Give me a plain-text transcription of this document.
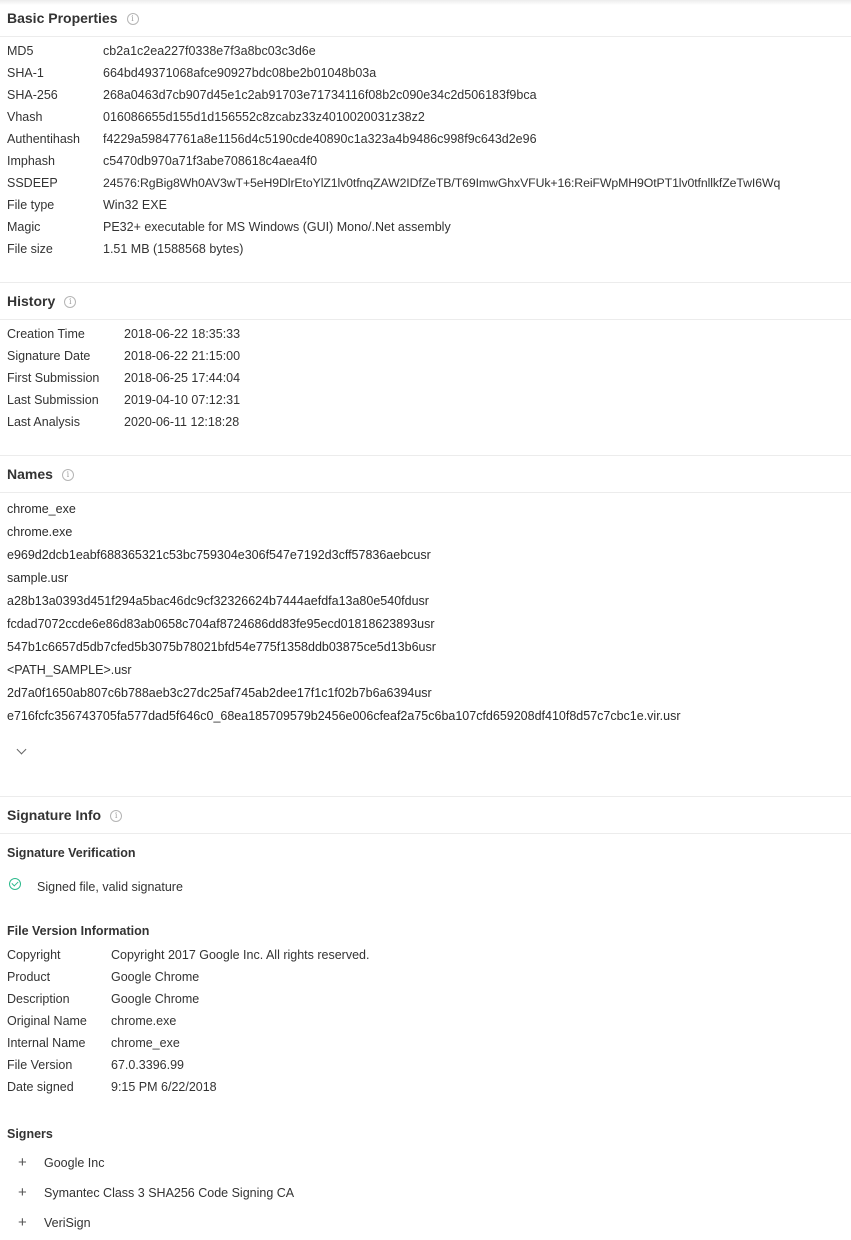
Basic Properties	i
MD5	cb2a1c2ea227f0338e7f3a8bc03c3d6e
SHA-1	664bd49371068afce90927bdc08be2b01048b03a
SHA-256	268a0463d7cb907d45e1c2ab91703e71734116f08b2c090e34c2d506183f9bca
Vhash	016086655d155d1d156552c8zcabz33z4010020031z38z2
Authentihash f4229a59847761a8e1156d4c5190cde40890c1a323a4b9486c998f9c643d2e96
Imphash	c5470db970a71f3abe708618c4aea4f0
SSDEEP	24576:RgBig8Wh0AV3wT+5eH9DlrEtoYlZ1lv0tfnqZAW2IDfZeTB/T69ImwGhxVFUk+16:ReiFWpMH9OtPT1lv0tfnllkfZeTwI6Wq
File type	Win32 EXE
Magic	PE32+ executable for MS Windows (GUI) Mono/.Net assembly
File size	1.51 MB (1588568 bytes)
History	i
Creation Time	2018-06-22 18:35:33
Signature Date	2018-06-22 21:15:00
First Submission 2018-06-25 17:44:04
Last Submission 2019-04-10 07:12:31
Last Analysis	2020-06-11 12:18:28
Names	i
chrome_exe
chrome.exe
e969d2dcb1eabf688365321c53bc759304e306f547e7192d3cff57836aebcusr
sample.usr
a28b13a0393d451f294a5bac46dc9cf32326624b7444aefdfa13a80e540fdusr
fcdad7072ccde6e86d83ab0658c704af8724686dd83fe95ecd01818623893usr
547b1c6657d5db7cfed5b3075b78021bfd54e775f1358ddb03875ce5d13b6usr
<PATH_SAMPLE>.usr
2d7a0f1650ab807c6b788aeb3c27dc25af745ab2dee17f1c1f02b7b6a6394usr
e716fcfc356743705fa577dad5f646c0_68ea185709579b2456e006cfeaf2a75c6ba107cfd659208df410f8d57c7cbc1e.vir.usr
Signature Info	i
Signature Verification
Signed file, valid signature
File Version Information
Copyright	Copyright 2017 Google Inc. All rights reserved.
Product	Google Chrome
Description	Google Chrome
Original Name chrome.exe
Internal Name chrome_exe
File Version	67.0.3396.99
Date signed	9:15 PM 6/22/2018
Signers
+ Google Inc
+ Symantec Class 3 SHA256 Code Signing CA
+ VeriSign
